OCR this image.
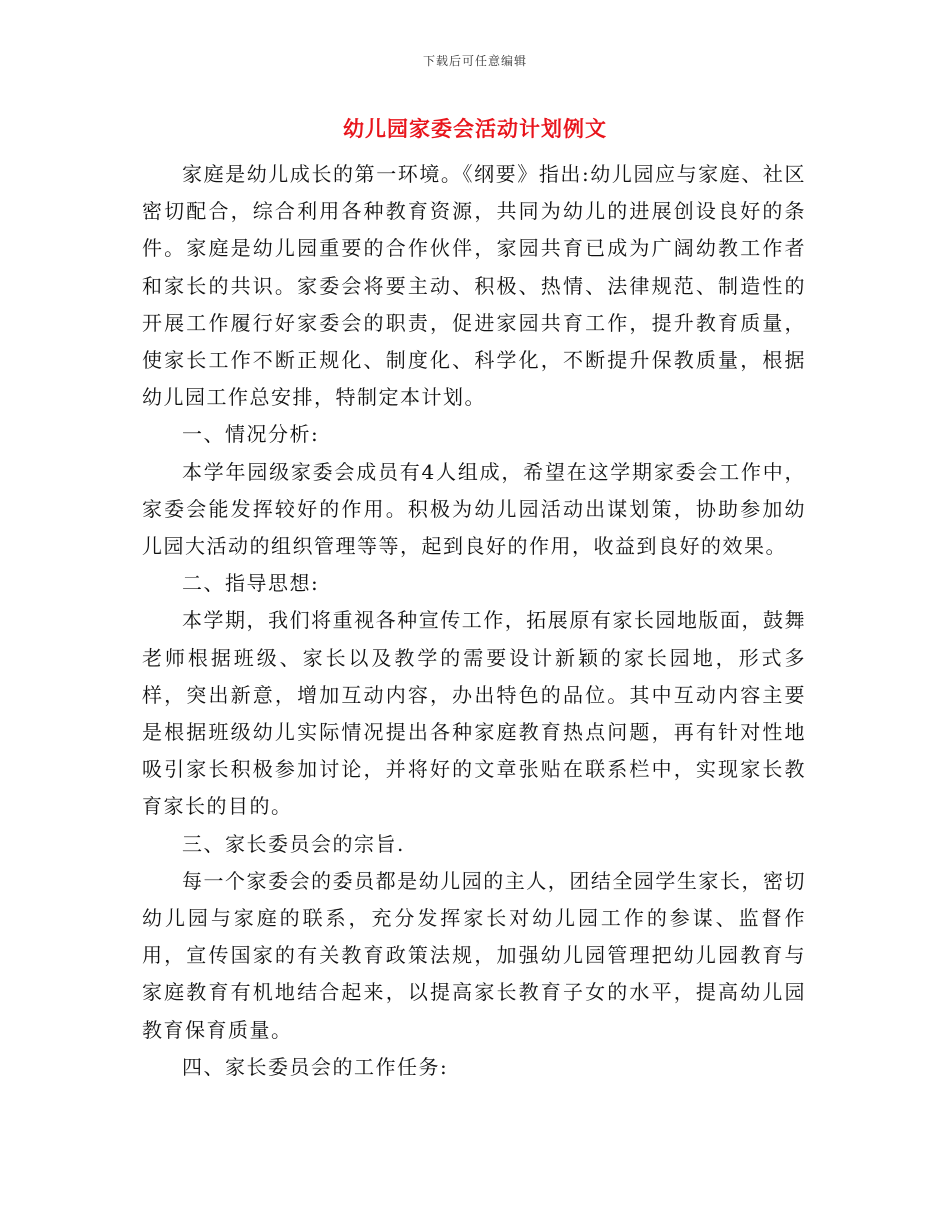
下载后可任意编辑
幼儿园家委会活动计划例文

家庭是幼儿成长的第一环境。《纲要》指出:幼儿园应与家庭、社区密切配合，综合利用各种教育资源，共同为幼儿的进展创设良好的条件。家庭是幼儿园重要的合作伙伴，家园共育已成为广阔幼教工作者和家长的共识。家委会将要主动、积极、热情、法律规范、制造性的开展工作履行好家委会的职责，促进家园共育工作，提升教育质量，使家长工作不断正规化、制度化、科学化，不断提升保教质量，根据幼儿园工作总安排，特制定本计划。

一、情况分析:

本学年园级家委会成员有4人组成，希望在这学期家委会工作中，家委会能发挥较好的作用。积极为幼儿园活动出谋划策，协助参加幼儿园大活动的组织管理等等，起到良好的作用，收益到良好的效果。

二、指导思想:

本学期，我们将重视各种宣传工作，拓展原有家长园地版面，鼓舞老师根据班级、家长以及教学的需要设计新颖的家长园地，形式多样，突出新意，增加互动内容，办出特色的品位。其中互动内容主要是根据班级幼儿实际情况提出各种家庭教育热点问题，再有针对性地吸引家长积极参加讨论，并将好的文章张贴在联系栏中，实现家长教育家长的目的。

三、家长委员会的宗旨.

每一个家委会的委员都是幼儿园的主人，团结全园学生家长，密切幼儿园与家庭的联系，充分发挥家长对幼儿园工作的参谋、监督作用，宣传国家的有关教育政策法规，加强幼儿园管理把幼儿园教育与家庭教育有机地结合起来，以提高家长教育子女的水平，提高幼儿园教育保育质量。

四、家长委员会的工作任务:
